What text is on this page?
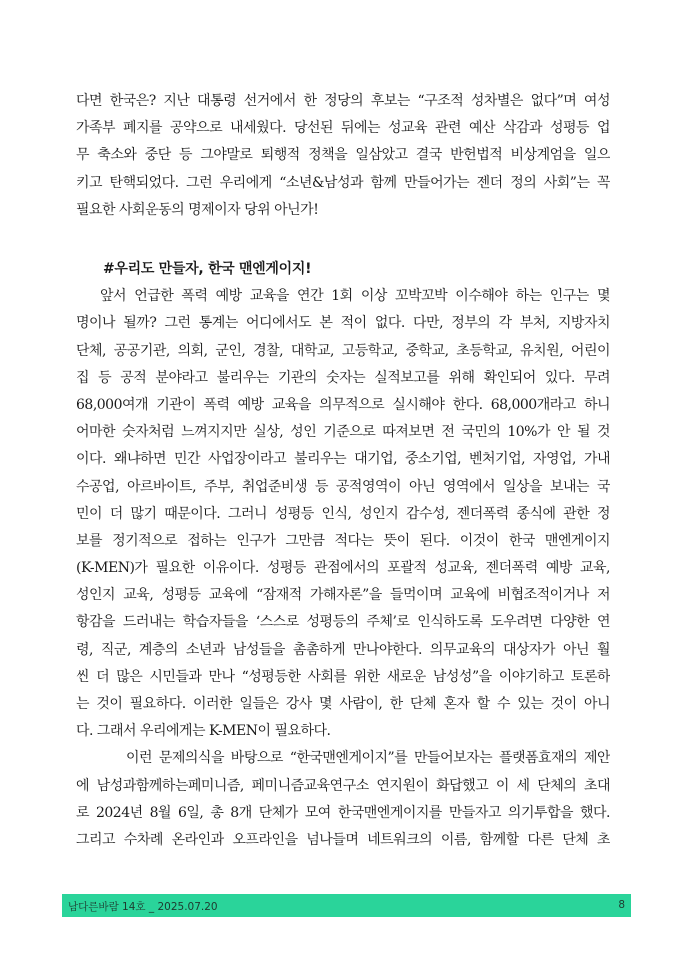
다면 한국은? 지난 대통령 선거에서 한 정당의 후보는 “구조적 성차별은 없다”며 여성
가족부 폐지를 공약으로 내세웠다. 당선된 뒤에는 성교육 관련 예산 삭감과 성평등 업
무 축소와 중단 등 그야말로 퇴행적 정책을 일삼았고 결국 반헌법적 비상계엄을 일으
키고 탄핵되었다. 그런 우리에게 “소년&남성과 함께 만들어가는 젠더 정의 사회”는 꼭
필요한 사회운동의 명제이자 당위 아닌가!
#우리도 만들자, 한국 맨엔게이지!
앞서 언급한 폭력 예방 교육을 연간 1회 이상 꼬박꼬박 이수해야 하는 인구는 몇
명이나 될까? 그런 통계는 어디에서도 본 적이 없다. 다만, 정부의 각 부처, 지방자치
단체, 공공기관, 의회, 군인, 경찰, 대학교, 고등학교, 중학교, 초등학교, 유치원, 어린이
집 등 공적 분야라고 불리우는 기관의 숫자는 실적보고를 위해 확인되어 있다. 무려
68,000여개 기관이 폭력 예방 교육을 의무적으로 실시해야 한다. 68,000개라고 하니
어마한 숫자처럼 느껴지지만 실상, 성인 기준으로 따져보면 전 국민의 10%가 안 될 것
이다. 왜냐하면 민간 사업장이라고 불리우는 대기업, 중소기업, 벤처기업, 자영업, 가내
수공업, 아르바이트, 주부, 취업준비생 등 공적영역이 아닌 영역에서 일상을 보내는 국
민이 더 많기 때문이다. 그러니 성평등 인식, 성인지 감수성, 젠더폭력 종식에 관한 정
보를 정기적으로 접하는 인구가 그만큼 적다는 뜻이 된다. 이것이 한국 맨엔게이지
(K-MEN)가 필요한 이유이다. 성평등 관점에서의 포괄적 성교육, 젠더폭력 예방 교육,
성인지 교육, 성평등 교육에 “잠재적 가해자론”을 들먹이며 교육에 비협조적이거나 저
항감을 드러내는 학습자들을 ‘스스로 성평등의 주체’로 인식하도록 도우려면 다양한 연
령, 직군, 계층의 소년과 남성들을 촘촘하게 만나야한다. 의무교육의 대상자가 아닌 훨
씬 더 많은 시민들과 만나 “성평등한 사회를 위한 새로운 남성성”을 이야기하고 토론하
는 것이 필요하다. 이러한 일들은 강사 몇 사람이, 한 단체 혼자 할 수 있는 것이 아니
다. 그래서 우리에게는 K-MEN이 필요하다.
이런 문제의식을 바탕으로 “한국맨엔게이지”를 만들어보자는 플랫폼효재의 제안
에 남성과함께하는페미니즘, 페미니즘교육연구소 연지원이 화답했고 이 세 단체의 초대
로 2024년 8월 6일, 총 8개 단체가 모여 한국맨엔게이지를 만들자고 의기투합을 했다.
그리고 수차례 온라인과 오프라인을 넘나들며 네트워크의 이름, 함께할 다른 단체 초
남다른바람 14호 _ 2025.07.20	8
